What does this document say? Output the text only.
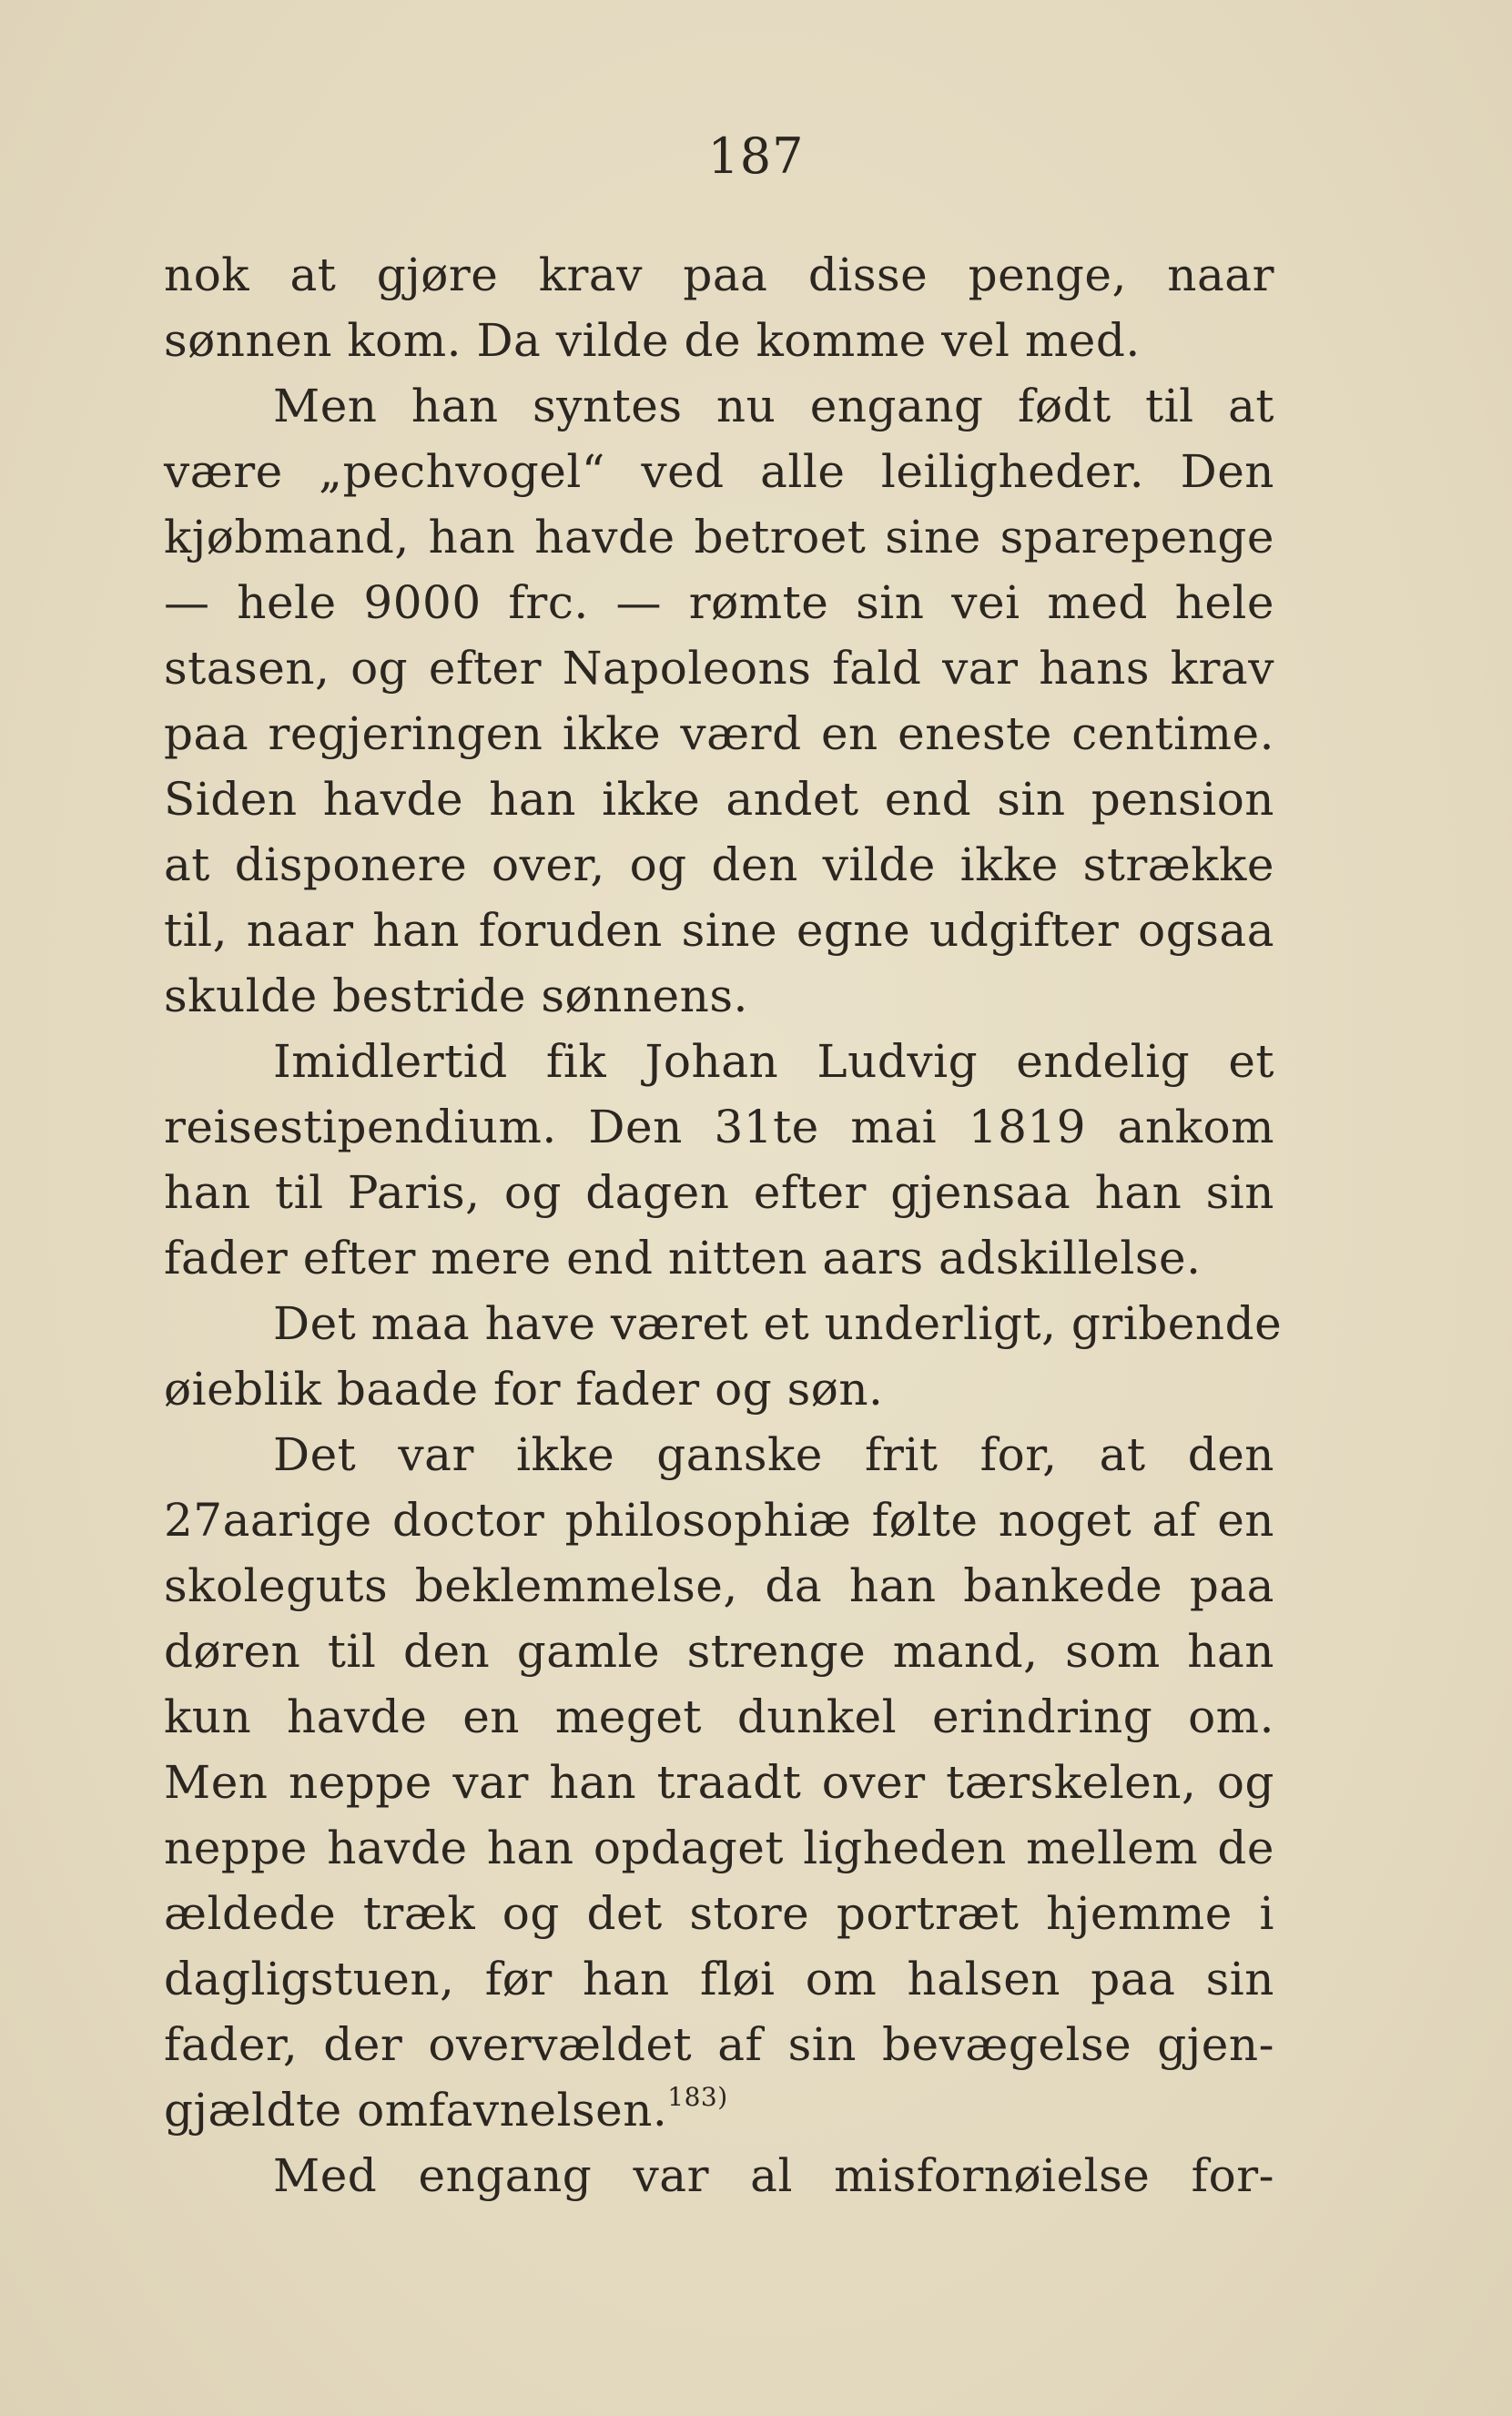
187
nok at gjøre krav paa disse penge, naar
sønnen kom. Da vilde de komme vel med.
Men han syntes nu engang født til at
være „pechvogel“ ved alle leiligheder. Den
kjøbmand, han havde betroet sine sparepenge
— hele 9000 frc. — rømte sin vei med hele
stasen, og efter Napoleons fald var hans krav
paa regjeringen ikke værd en eneste centime.
Siden havde han ikke andet end sin pension
at disponere over, og den vilde ikke strække
til, naar han foruden sine egne udgifter ogsaa
skulde bestride sønnens.
Imidlertid fik Johan Ludvig endelig et
reisestipendium. Den 31te mai 1819 ankom
han til Paris, og dagen efter gjensaa han sin
fader efter mere end nitten aars adskillelse.
Det maa have været et underligt, gribende
øieblik baade for fader og søn.
Det var ikke ganske frit for, at den
27aarige doctor philosophiæ følte noget af en
skoleguts beklemmelse, da han bankede paa
døren til den gamle strenge mand, som han
kun havde en meget dunkel erindring om.
Men neppe var han traadt over tærskelen, og
neppe havde han opdaget ligheden mellem de
ældede træk og det store portræt hjemme i
dagligstuen, før han fløi om halsen paa sin
fader, der overvældet af sin bevægelse gjen-
gjældte omfavnelsen.$^{183)}$
Med engang var al misfornøielse for-
